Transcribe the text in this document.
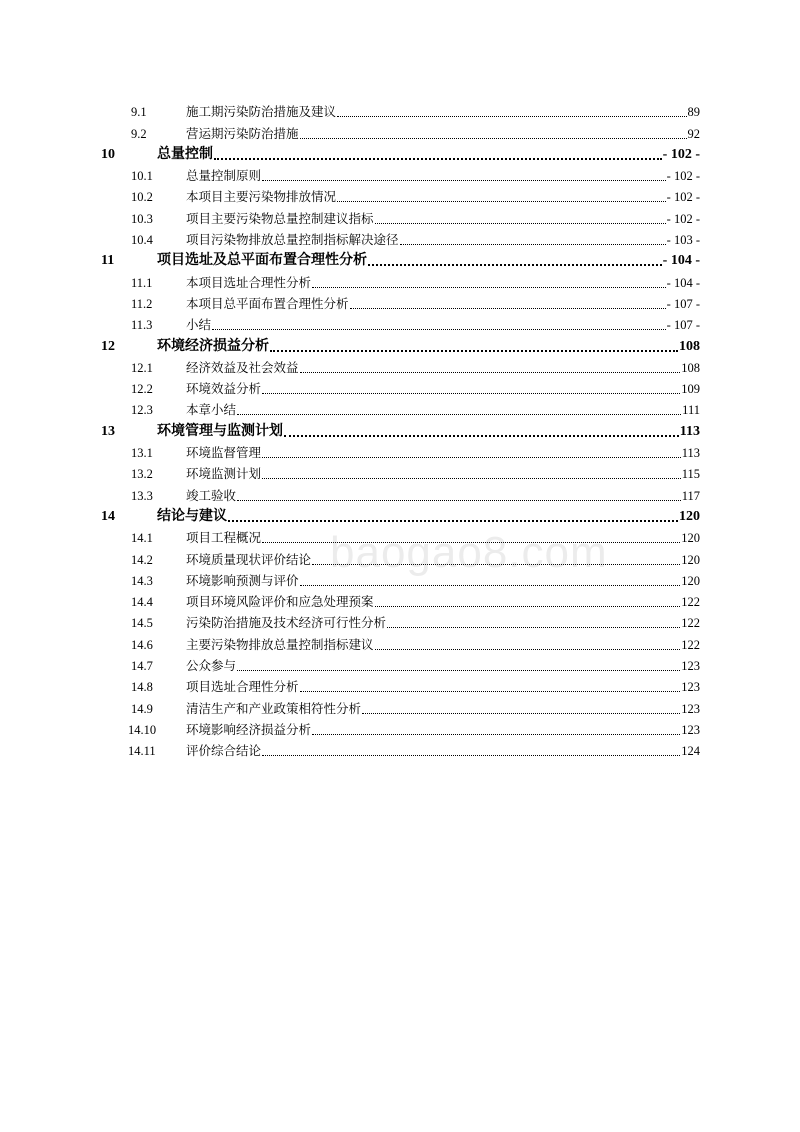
9.1	施工期污染防治措施及建议	89
9.2	营运期污染防治措施	92
10	总量控制	- 102 -
10.1	总量控制原则	- 102 -
10.2	本项目主要污染物排放情况	- 102 -
10.3	项目主要污染物总量控制建议指标	- 102 -
10.4	项目污染物排放总量控制指标解决途径	- 103 -
11	项目选址及总平面布置合理性分析	- 104 -
11.1	本项目选址合理性分析	- 104 -
11.2	本项目总平面布置合理性分析	- 107 -
11.3	小结	- 107 -
12	环境经济损益分析	108
12.1	经济效益及社会效益	108
12.2	环境效益分析	109
12.3	本章小结	111
13	环境管理与监测计划	113
13.1	环境监督管理	113
13.2	环境监测计划	115
13.3	竣工验收	117
14	结论与建议	120
14.1	项目工程概况	120
14.2	环境质量现状评价结论	120
14.3	环境影响预测与评价	120
14.4	项目环境风险评价和应急处理预案	122
14.5	污染防治措施及技术经济可行性分析	122
14.6	主要污染物排放总量控制指标建议	122
14.7	公众参与	123
14.8	项目选址合理性分析	123
14.9	清洁生产和产业政策相符性分析	123
14.10 环境影响经济损益分析	123
14.11 评价综合结论	124
baogao8.com
